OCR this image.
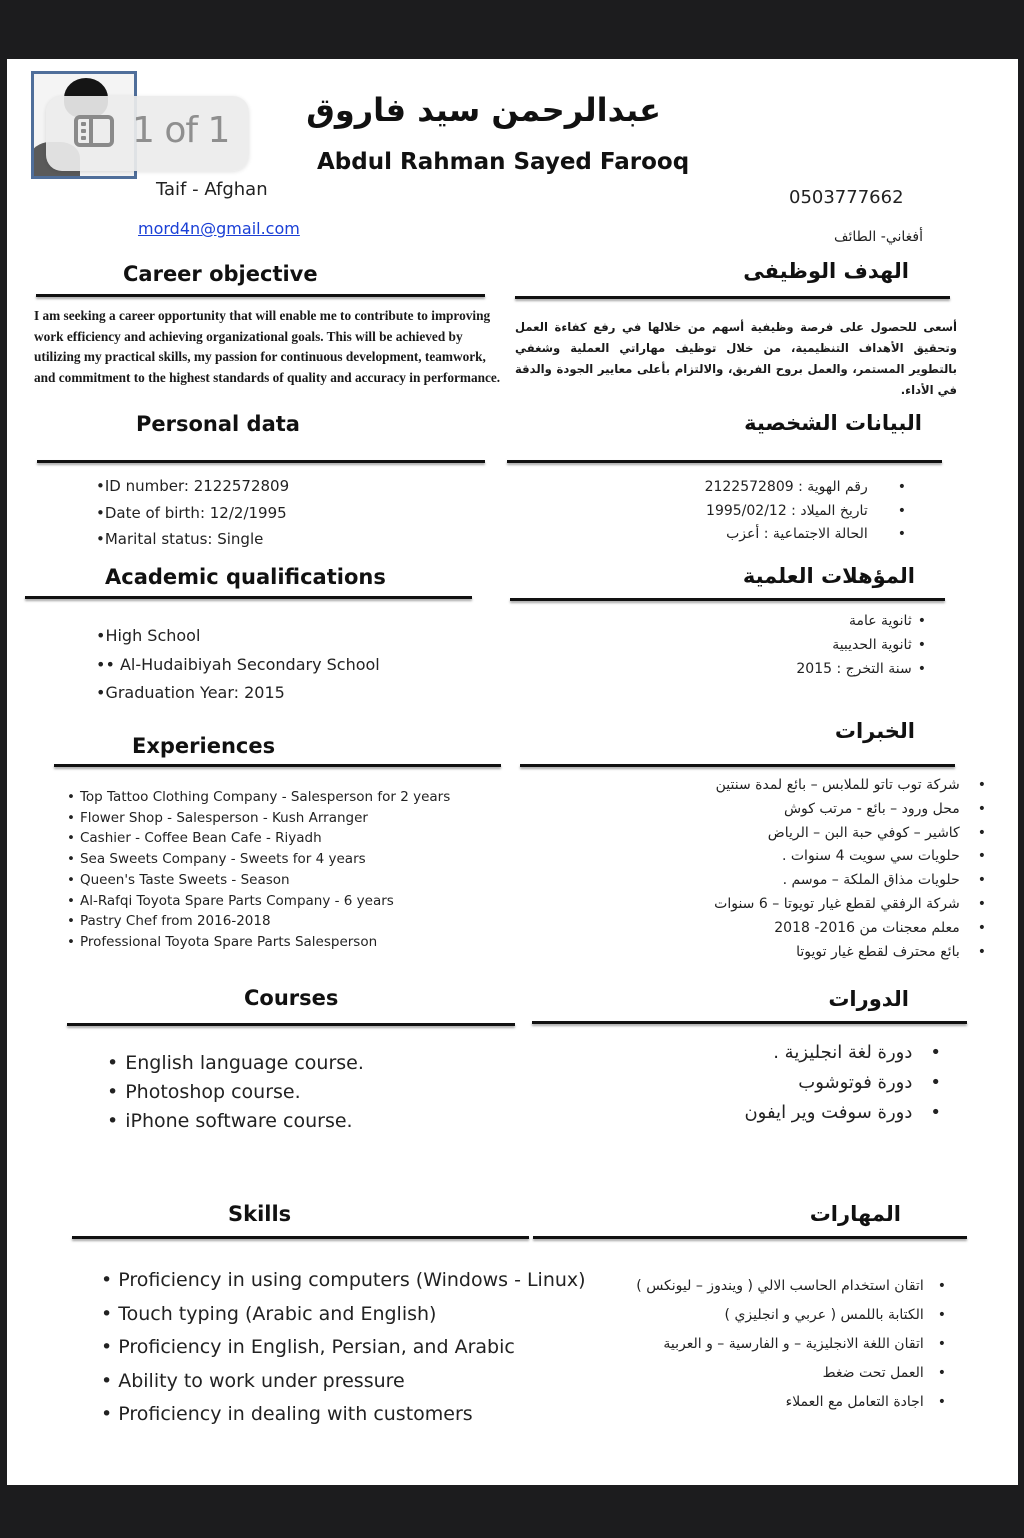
عبدالرحمن سيد فاروق
Abdul Rahman Sayed Farooq
Taif - Afghan
mord4n@gmail.com
0503777662
أفغاني- الطائف
Career objective	الهدف الوظيفى
I am seeking a career opportunity that will enable me to contribute to improving work efficiency and achieving organizational goals. This will be achieved by utilizing my practical skills, my passion for continuous development, teamwork, and commitment to the highest standards of quality and accuracy in performance.
أسعى للحصول على فرصة وظيفية أسهم من خلالها في رفع كفاءة العمل وتحقيق الأهداف التنظيمية، من خلال توظيف مهاراتي العملية وشغفي بالتطوير المستمر، والعمل بروح الفريق، والالتزام بأعلى معايير الجودة والدقة في الأداء.
Personal data	البيانات الشخصية
•ID number: 2122572809
•Date of birth: 12/2/1995
•Marital status: Single
•رقم الهوية : 2122572809
•تاريخ الميلاد : 1995/02/12
•الحالة الاجتماعية : أعزب
Academic qualifications	المؤهلات العلمية
•High School
•• Al-Hudaibiyah Secondary School
•Graduation Year: 2015
•ثانوية عامة
•ثانوية الحديبية
•سنة التخرج : 2015
Experiences
الخبرات
• Top Tattoo Clothing Company - Salesperson for 2 years
• Flower Shop - Salesperson - Kush Arranger
• Cashier - Coffee Bean Cafe - Riyadh
• Sea Sweets Company - Sweets for 4 years
• Queen's Taste Sweets - Season
• Al-Rafqi Toyota Spare Parts Company - 6 years
• Pastry Chef from 2016-2018
• Professional Toyota Spare Parts Salesperson
•شركة توب تاتو للملابس – بائع لمدة سنتين
•محل ورود – بائع - مرتب كوش
•كاشير – كوفي حبة البن – الرياض
•حلويات سي سويت 4 سنوات .
•حلويات مذاق الملكة – موسم .
•شركة الرفقي لقطع غيار تويوتا – 6 سنوات
•معلم معجنات من 2016- 2018
•بائع محترف لقطع غيار تويوتا
Courses	الدورات
• English language course.
• Photoshop course.
• iPhone software course.
•دورة لغة انجليزية .
•دورة فوتوشوب
•دورة سوفت وير ايفون
Skills	المهارات
• Proficiency in using computers (Windows - Linux)
• Touch typing (Arabic and English)
• Proficiency in English, Persian, and Arabic
• Ability to work under pressure
• Proficiency in dealing with customers
•اتقان استخدام الحاسب الالي ( ويندوز – ليونكس )
•الكتابة باللمس ( عربي و انجليزي )
•اتقان اللغة الانجليزية – و الفارسية – و العربية
•العمل تحت ضغط
•اجادة التعامل مع العملاء
1 of 1
